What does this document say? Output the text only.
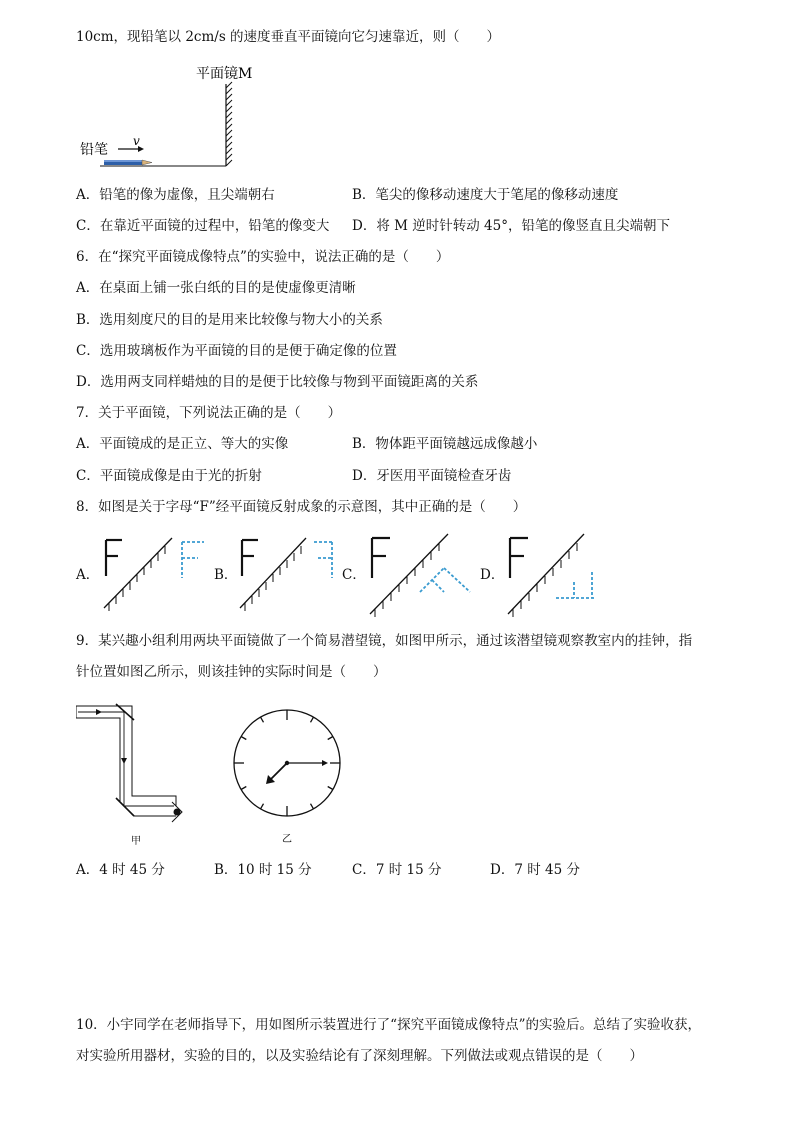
10cm，现铅笔以 2cm/s 的速度垂直平面镜向它匀速靠近，则（　　）
平面镜M
铅笔
v
A．铅笔的像为虚像，且尖端朝右	B．笔尖的像移动速度大于笔尾的像移动速度
C．在靠近平面镜的过程中，铅笔的像变大 D．将 M 逆时针转动 45°，铅笔的像竖直且尖端朝下
6．在“探究平面镜成像特点”的实验中，说法正确的是（　　）
A．在桌面上铺一张白纸的目的是使虚像更清晰
B．选用刻度尺的目的是用来比较像与物大小的关系
C．选用玻璃板作为平面镜的目的是便于确定像的位置
D．选用两支同样蜡烛的目的是便于比较像与物到平面镜距离的关系
7．关于平面镜，下列说法正确的是（　　）
A．平面镜成的是正立、等大的实像	B．物体距平面镜越远成像越小
C．平面镜成像是由于光的折射	D．牙医用平面镜检查牙齿
8．如图是关于字母“F”经平面镜反射成象的示意图，其中正确的是（　　）
A．	B．	C．	D．
9．某兴趣小组利用两块平面镜做了一个简易潜望镜，如图甲所示，通过该潜望镜观察教室内的挂钟，指
针位置如图乙所示，则该挂钟的实际时间是（　　）
甲	乙
A．4 时 45 分	B．10 时 15 分	C．7 时 15 分	D．7 时 45 分
10．小宇同学在老师指导下，用如图所示装置进行了“探究平面镜成像特点”的实验后。总结了实验收获，
对实验所用器材，实验的目的，以及实验结论有了深刻理解。下列做法或观点错误的是（　　）
